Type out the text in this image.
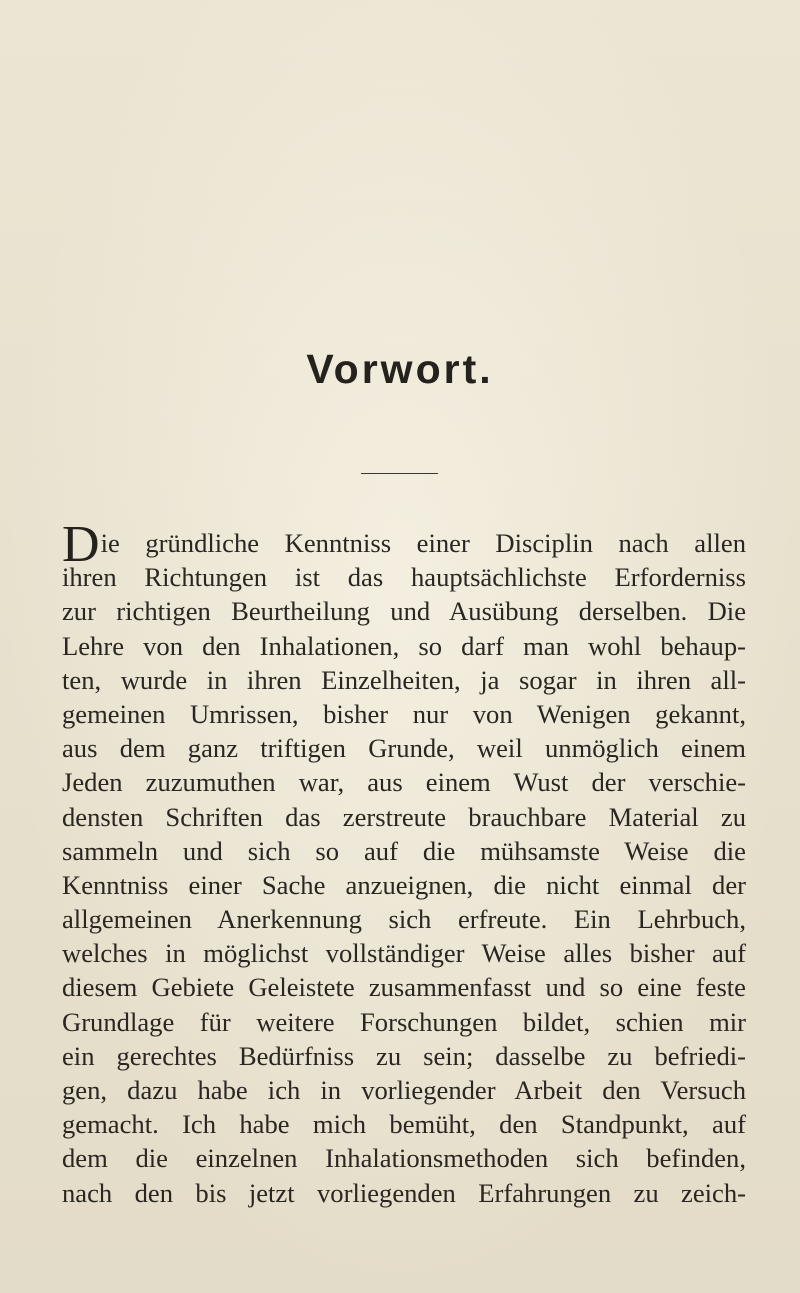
Vorwort.
D ie gründliche Kenntniss einer Disciplin nach allen
ihren Richtungen ist das hauptsächlichste Erforderniss
zur richtigen Beurtheilung und Ausübung derselben. Die
Lehre von den Inhalationen, so darf man wohl behaup-
ten, wurde in ihren Einzelheiten, ja sogar in ihren all-
gemeinen Umrissen, bisher nur von Wenigen gekannt,
aus dem ganz triftigen Grunde, weil unmöglich einem
Jeden zuzumuthen war, aus einem Wust der verschie-
densten Schriften das zerstreute brauchbare Material zu
sammeln und sich so auf die mühsamste Weise die
Kenntniss einer Sache anzueignen, die nicht einmal der
allgemeinen Anerkennung sich erfreute. Ein Lehrbuch,
welches in möglichst vollständiger Weise alles bisher auf
diesem Gebiete Geleistete zusammenfasst und so eine feste
Grundlage für weitere Forschungen bildet, schien mir
ein gerechtes Bedürfniss zu sein; dasselbe zu befriedi-
gen, dazu habe ich in vorliegender Arbeit den Versuch
gemacht. Ich habe mich bemüht, den Standpunkt, auf
dem die einzelnen Inhalationsmethoden sich befinden,
nach den bis jetzt vorliegenden Erfahrungen zu zeich-
